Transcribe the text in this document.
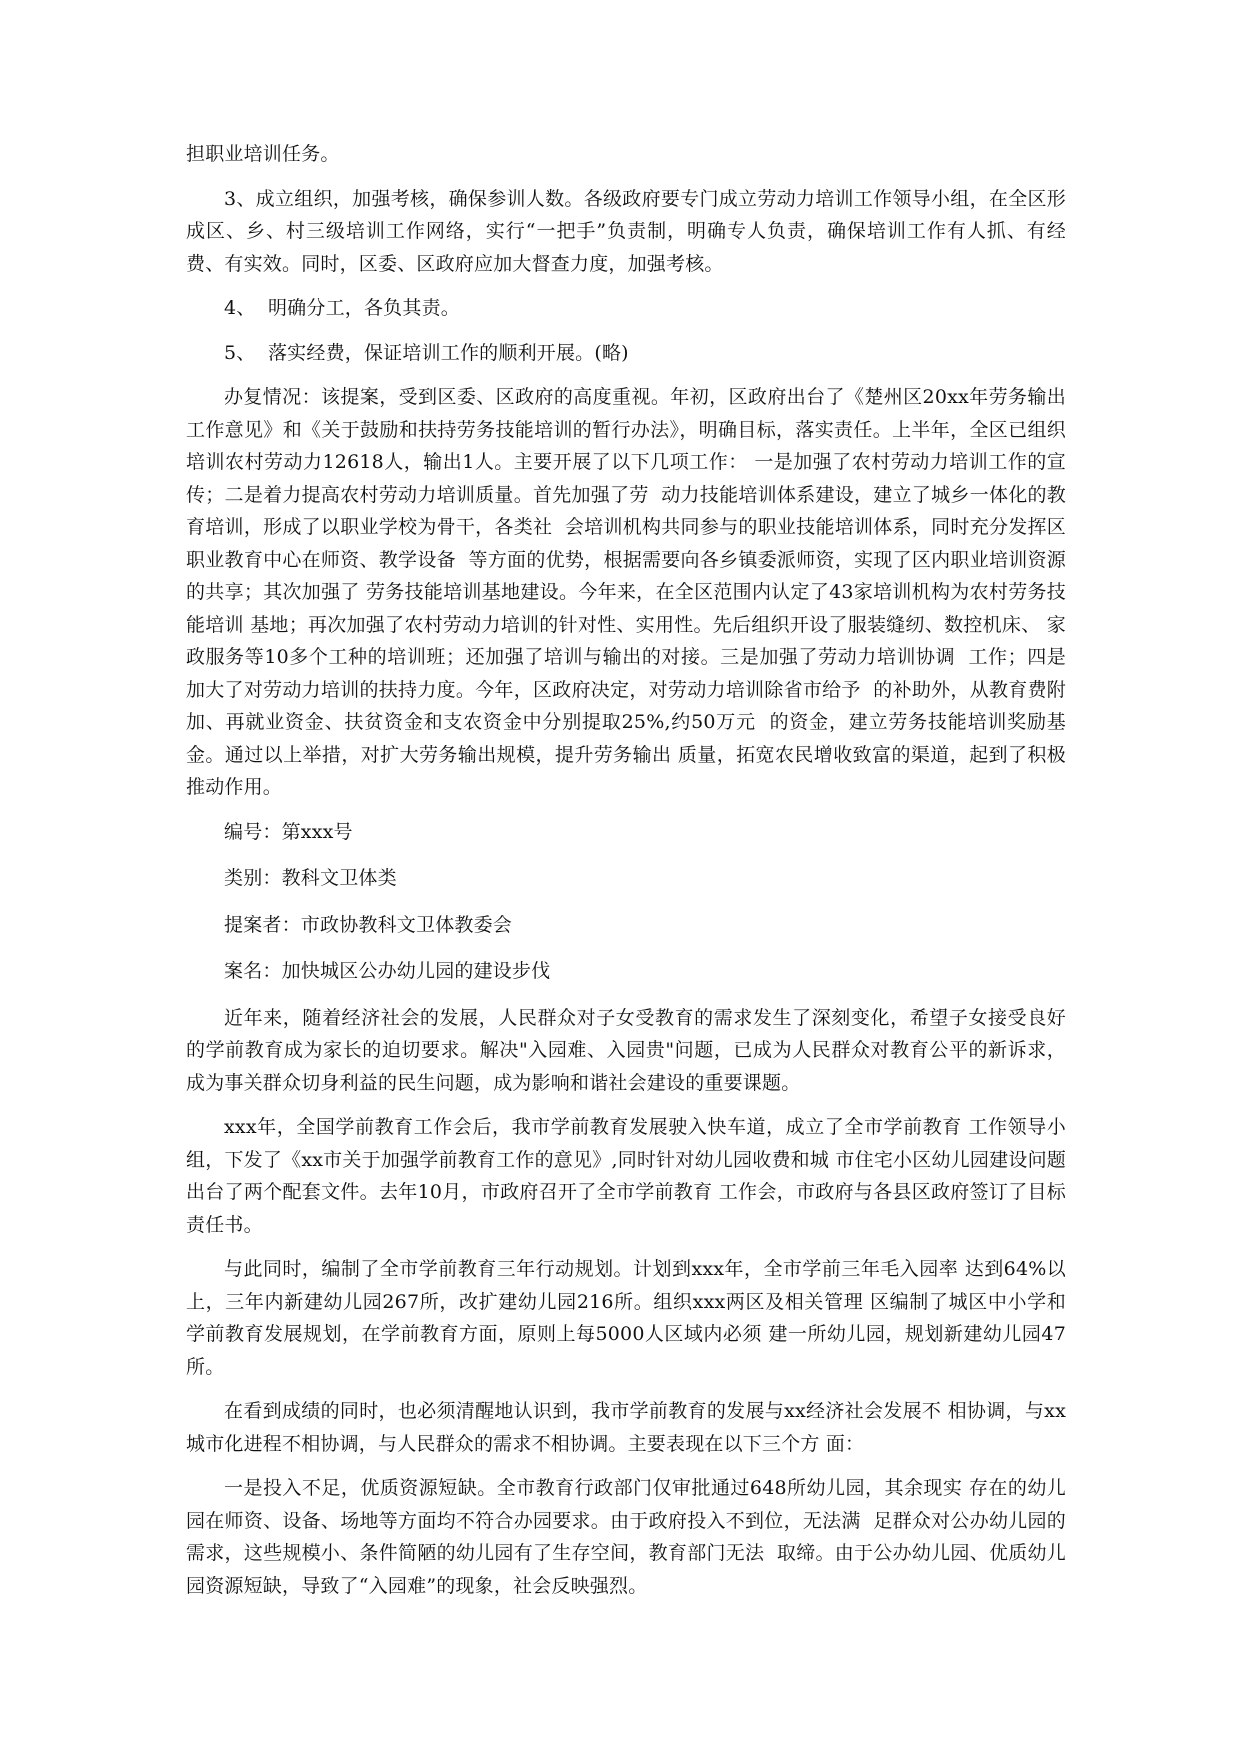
担职业培训任务。

3、成立组织，加强考核，确保参训人数。各级政府要专门成立劳动力培训工作领导小组，在全区形成区、乡、村三级培训工作网络，实行“一把手”负责制，明确专人负责，确保培训工作有人抓、有经费、有实效。同时，区委、区政府应加大督查力度，加强考核。

4、  明确分工，各负其责。

5、  落实经费，保证培训工作的顺利开展。(略)

办复情况：该提案，受到区委、区政府的高度重视。年初，区政府出台了《楚州区20xx年劳务输出工作意见》和《关于鼓励和扶持劳务技能培训的暂行办法》，明确目标，落实责任。上半年，全区已组织培训农村劳动力12618人，输出1人。主要开展了以下几项工作： 一是加强了农村劳动力培训工作的宣传；二是着力提高农村劳动力培训质量。首先加强了劳  动力技能培训体系建设，建立了城乡一体化的教育培训，形成了以职业学校为骨干，各类社  会培训机构共同参与的职业技能培训体系，同时充分发挥区职业教育中心在师资、教学设备  等方面的优势，根据需要向各乡镇委派师资，实现了区内职业培训资源的共享；其次加强了 劳务技能培训基地建设。今年来，在全区范围内认定了43家培训机构为农村劳务技能培训 基地；再次加强了农村劳动力培训的针对性、实用性。先后组织开设了服装缝纫、数控机床、 家政服务等10多个工种的培训班；还加强了培训与输出的对接。三是加强了劳动力培训协调  工作；四是加大了对劳动力培训的扶持力度。今年，区政府决定，对劳动力培训除省市给予  的补助外，从教育费附加、再就业资金、扶贫资金和支农资金中分别提取25%,约50万元  的资金，建立劳务技能培训奖励基金。通过以上举措，对扩大劳务输出规模，提升劳务输出 质量，拓宽农民增收致富的渠道，起到了积极推动作用。

编号：第xxx号

类别：教科文卫体类

提案者：市政协教科文卫体教委会

案名：加快城区公办幼儿园的建设步伐

近年来，随着经济社会的发展，人民群众对子女受教育的需求发生了深刻变化，希望子女接受良好的学前教育成为家长的迫切要求。解决"入园难、入园贵"问题，已成为人民群众对教育公平的新诉求，成为事关群众切身利益的民生问题，成为影响和谐社会建设的重要课题。

xxx年，全国学前教育工作会后，我市学前教育发展驶入快车道，成立了全市学前教育 工作领导小组，下发了《xx市关于加强学前教育工作的意见》,同时针对幼儿园收费和城 市住宅小区幼儿园建设问题出台了两个配套文件。去年10月，市政府召开了全市学前教育 工作会，市政府与各县区政府签订了目标责任书。

与此同时，编制了全市学前教育三年行动规划。计划到xxx年，全市学前三年毛入园率 达到64%以上，三年内新建幼儿园267所，改扩建幼儿园216所。组织xxx两区及相关管理 区编制了城区中小学和学前教育发展规划，在学前教育方面，原则上每5000人区域内必须 建一所幼儿园，规划新建幼儿园47所。

在看到成绩的同时，也必须清醒地认识到，我市学前教育的发展与xx经济社会发展不 相协调，与xx城市化进程不相协调，与人民群众的需求不相协调。主要表现在以下三个方 面：

一是投入不足，优质资源短缺。全市教育行政部门仅审批通过648所幼儿园，其余现实 存在的幼儿园在师资、设备、场地等方面均不符合办园要求。由于政府投入不到位，无法满  足群众对公办幼儿园的需求，这些规模小、条件简陋的幼儿园有了生存空间，教育部门无法  取缔。由于公办幼儿园、优质幼儿园资源短缺，导致了“入园难”的现象，社会反映强烈。
